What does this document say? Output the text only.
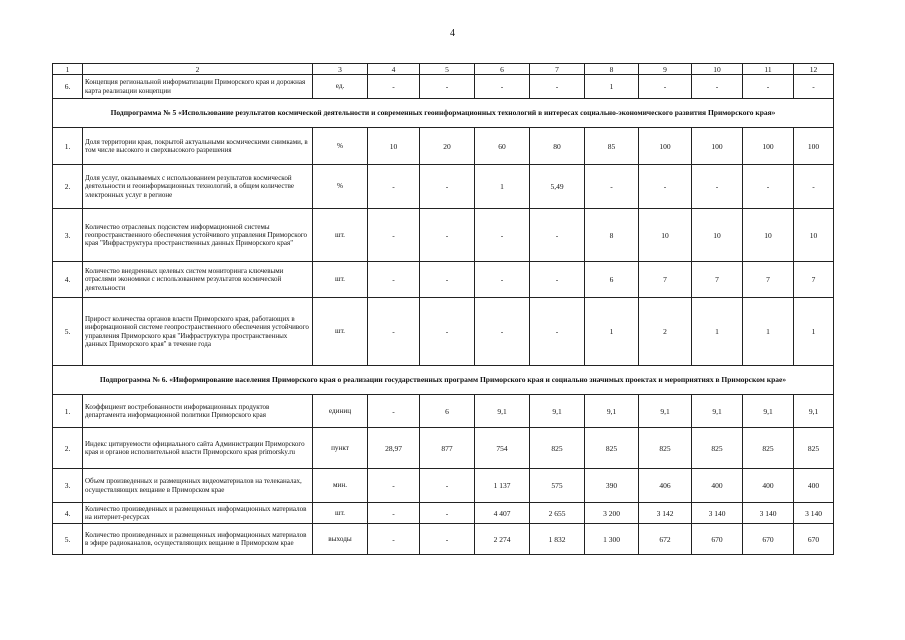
4
1	2	3	4	5	6	7	8	9	10	11	12
6.	Концепция региональной информатизации Приморского края и дорожная карта реализации концепции	ед.	-	-	-	-	1	-	-	-	-
Подпрограмма № 5 «Использование результатов космической деятельности и современных геоинформационных технологий в интересах социально-экономического развития Приморского края»											
1.	Доля территории края, покрытой актуальными космическими снимками, в том числе высокого и сверхвысокого разрешения	%	10	20	60	80	85	100	100	100	100
2.	Доля услуг, оказываемых с использованием результатов космической деятельности и геоинформационных технологий, в общем количестве электронных услуг в регионе	%	-	-	1	5,49	-	-	-	-	-
3.	Количество отраслевых подсистем информационной системы геопространственного обеспечения устойчивого управления Приморского края "Инфраструктура пространственных данных Приморского края"	шт.	-	-	-	-	8	10	10	10	10
4.	Количество внедренных целевых систем мониторинга ключевыми отраслями экономики с использованием результатов космической деятельности	шт.	-	-	-	-	6	7	7	7	7
5.	Прирост количества органов власти Приморского края, работающих в информационной системе геопространственного обеспечения устойчивого управления Приморского края "Инфраструктура пространственных данных Приморского края" в течение года	шт.	-	-	-	-	1	2	1	1	1
Подпрограмма № 6. «Информирование населения Приморского края о реализации государственных программ Приморского края и социально значимых проектах и мероприятиях в Приморском крае»											
1.	Коэффициент востребованности информационных продуктов департамента информационной политики Приморского края	единиц	-	6	9,1	9,1	9,1	9,1	9,1	9,1	9,1
2.	Индекс цитируемости официального сайта Администрации Приморского края и органов исполнительной власти Приморского края primorsky.ru	пункт	28,97	877	754	825	825	825	825	825	825
3.	Объем произведенных и размещенных видеоматериалов на телеканалах, осуществляющих вещание в Приморском крае	мин.	-	-	1 137	575	390	406	400	400	400
4.	Количество произведенных и размещенных информационных материалов на интернет-ресурсах	шт.	-	-	4 407	2 655	3 200	3 142	3 140	3 140	3 140
5.	Количество произведенных и размещенных информационных материалов в эфире радиоканалов, осуществляющих вещание в Приморском крае	выходы	-	-	2 274	1 832	1 300	672	670	670	670
